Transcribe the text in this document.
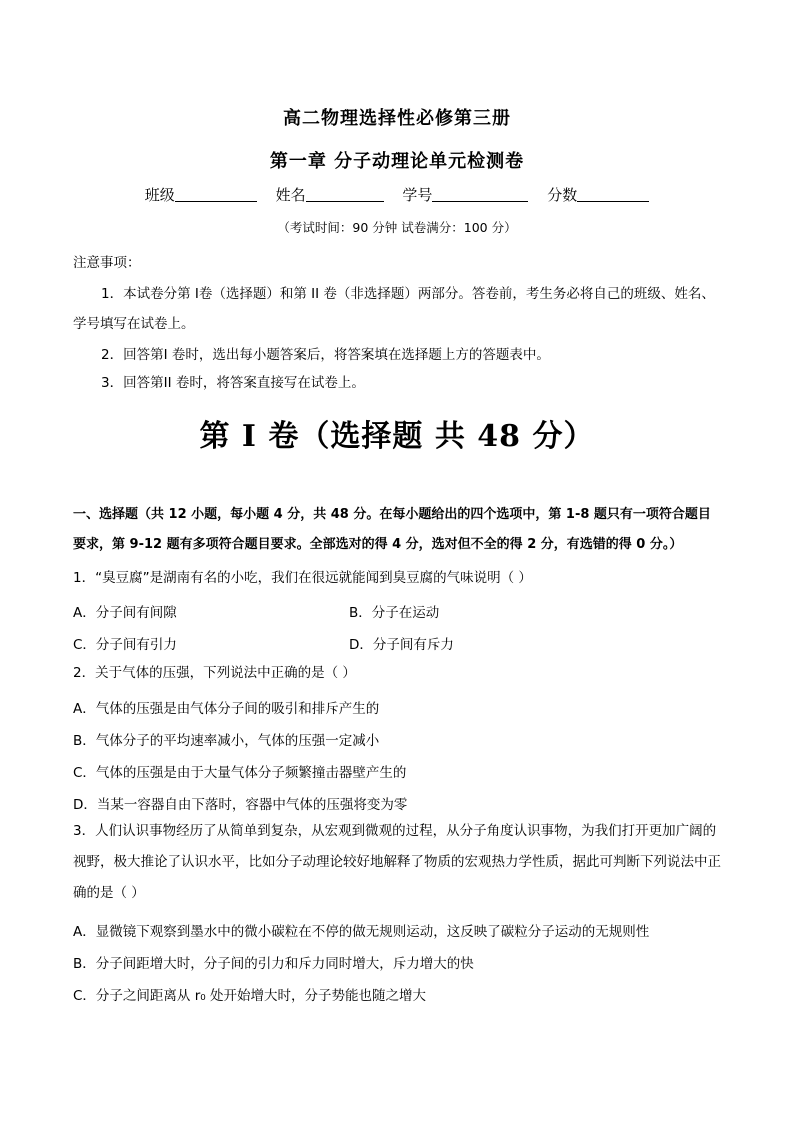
高二物理选择性必修第三册
第一章 分子动理论单元检测卷
班级	姓名	学号	分数
（考试时间：90 分钟 试卷满分：100 分）
注意事项：
1．本试卷分第 I卷（选择题）和第 II 卷（非选择题）两部分。答卷前，考生务必将自己的班级、姓名、学号填写在试卷上。
2．回答第I 卷时，选出每小题答案后，将答案填在选择题上方的答题表中。
3．回答第II 卷时，将答案直接写在试卷上。
第 I 卷（选择题 共 48 分）
一、选择题（共 12 小题，每小题 4 分，共 48 分。在每小题给出的四个选项中，第 1-8 题只有一项符合题目要求，第 9-12 题有多项符合题目要求。全部选对的得 4 分，选对但不全的得 2 分，有选错的得 0 分。）
1．“臭豆腐”是湖南有名的小吃，我们在很远就能闻到臭豆腐的气味说明（ ）
A．分子间有间隙	B．分子在运动
C．分子间有引力	D．分子间有斥力
2．关于气体的压强，下列说法中正确的是（ ）
A．气体的压强是由气体分子间的吸引和排斥产生的
B．气体分子的平均速率减小，气体的压强一定减小
C．气体的压强是由于大量气体分子频繁撞击器壁产生的
D．当某一容器自由下落时，容器中气体的压强将变为零
3．人们认识事物经历了从简单到复杂，从宏观到微观的过程，从分子角度认识事物，为我们打开更加广阔的视野，极大推论了认识水平，比如分子动理论较好地解释了物质的宏观热力学性质，据此可判断下列说法中正确的是（ ）
A．显微镜下观察到墨水中的微小碳粒在不停的做无规则运动，这反映了碳粒分子运动的无规则性
B．分子间距增大时，分子间的引力和斥力同时增大，斥力增大的快
C．分子之间距离从 r₀ 处开始增大时，分子势能也随之增大
